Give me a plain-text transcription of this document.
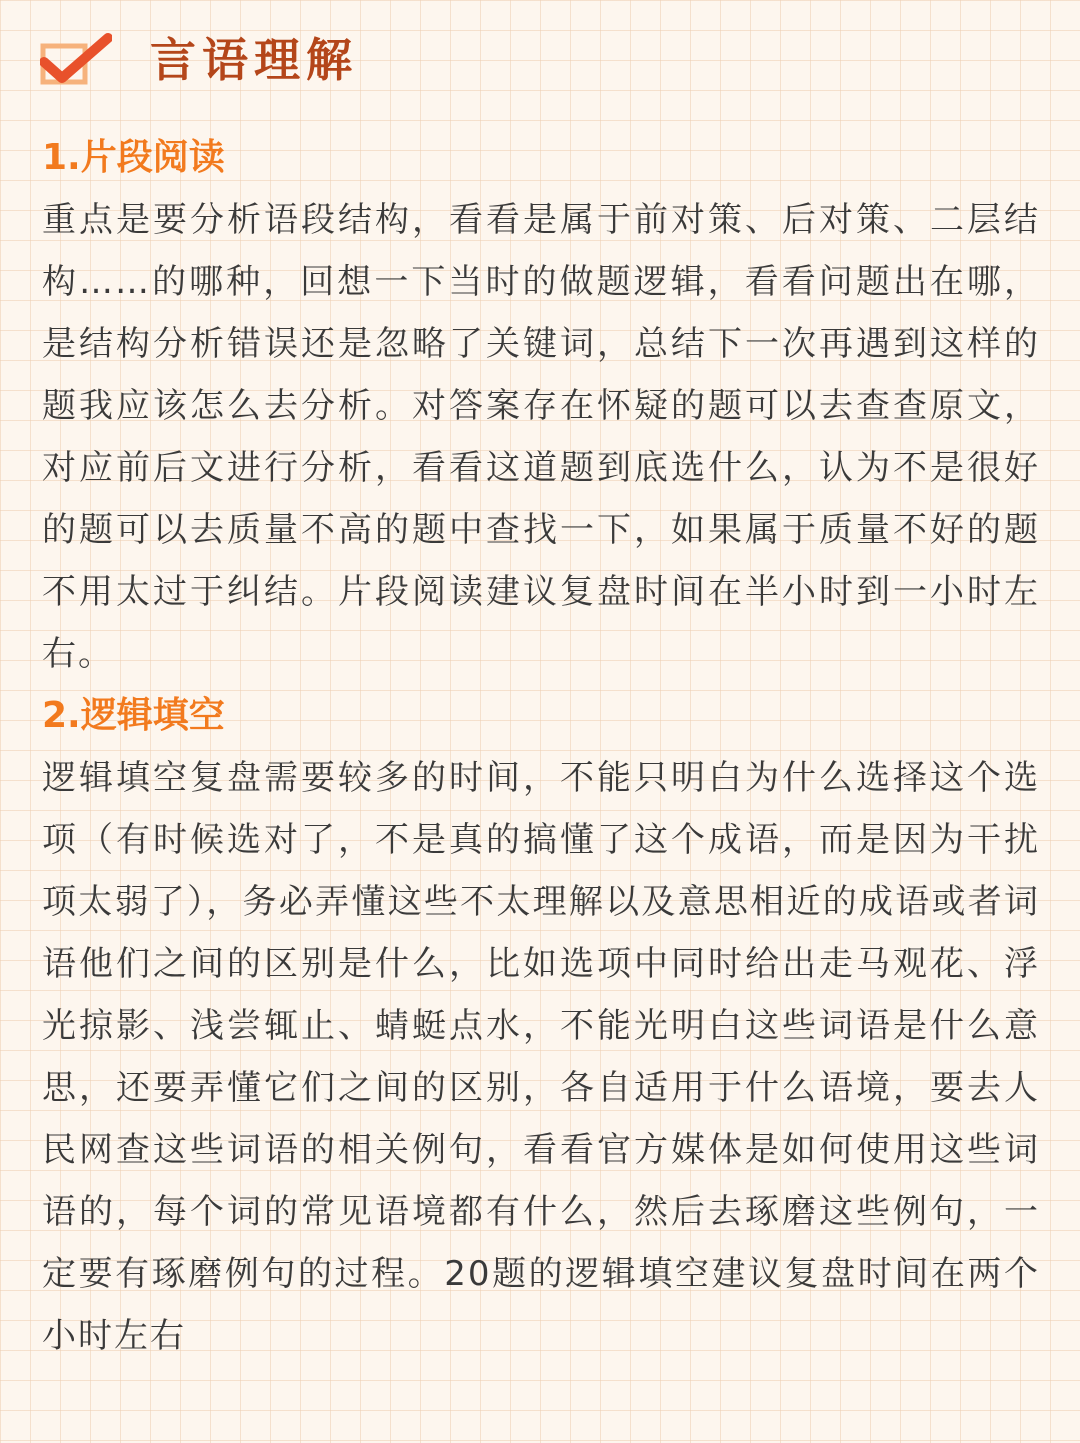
言语理解
1.片段阅读
重点是要分析语段结构，看看是属于前对策、后对策、二层结构……的哪种，回想一下当时的做题逻辑，看看问题出在哪，是结构分析错误还是忽略了关键词，总结下一次再遇到这样的题我应该怎么去分析。对答案存在怀疑的题可以去查查原文，对应前后文进行分析，看看这道题到底选什么，认为不是很好的题可以去质量不高的题中查找一下，如果属于质量不好的题不用太过于纠结。片段阅读建议复盘时间在半小时到一小时左右。
2.逻辑填空
逻辑填空复盘需要较多的时间，不能只明白为什么选择这个选项（有时候选对了，不是真的搞懂了这个成语，而是因为干扰项太弱了），务必弄懂这些不太理解以及意思相近的成语或者词语他们之间的区别是什么，比如选项中同时给出走马观花、浮光掠影、浅尝辄止、蜻蜓点水，不能光明白这些词语是什么意思，还要弄懂它们之间的区别，各自适用于什么语境，要去人民网查这些词语的相关例句，看看官方媒体是如何使用这些词语的，每个词的常见语境都有什么，然后去琢磨这些例句，一定要有琢磨例句的过程。20题的逻辑填空建议复盘时间在两个小时左右
